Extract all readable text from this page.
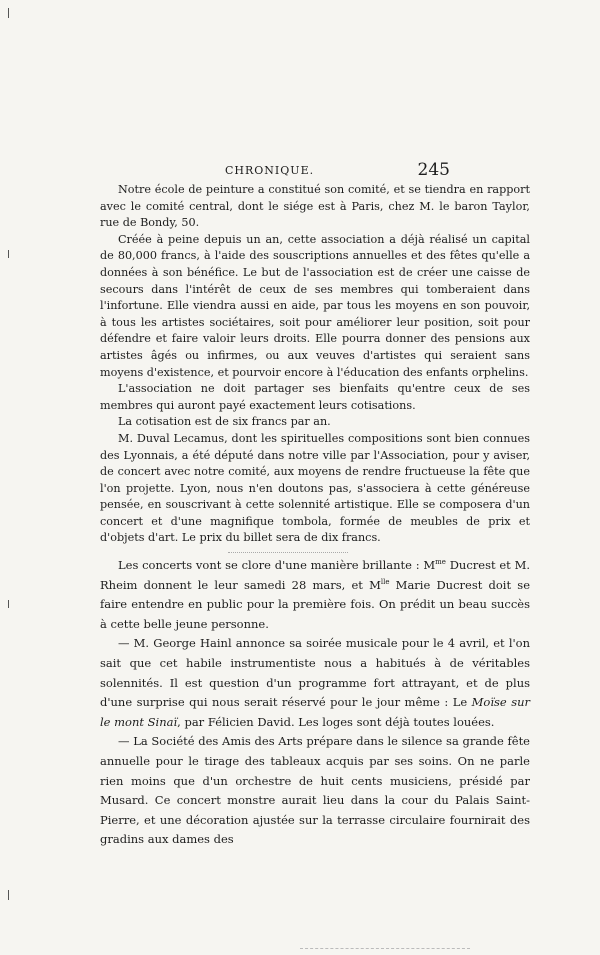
CHRONIQUE.	245

Notre école de peinture a constitué son comité, et se tiendra en rapport avec le comité central, dont le siége est à Paris, chez M. le baron Taylor, rue de Bondy, 50.

Créée à peine depuis un an, cette association a déjà réalisé un capital de 80,000 francs, à l'aide des souscriptions annuelles et des fêtes qu'elle a données à son bénéfice. Le but de l'association est de créer une caisse de secours dans l'intérêt de ceux de ses membres qui tomberaient dans l'infortune. Elle viendra aussi en aide, par tous les moyens en son pouvoir, à tous les artistes sociétaires, soit pour améliorer leur position, soit pour défendre et faire valoir leurs droits. Elle pourra donner des pensions aux artistes âgés ou infirmes, ou aux veuves d'artistes qui seraient sans moyens d'existence, et pourvoir encore à l'éducation des enfants orphelins.

L'association ne doit partager ses bienfaits qu'entre ceux de ses membres qui auront payé exactement leurs cotisations.

La cotisation est de six francs par an.

M. Duval Lecamus, dont les spirituelles compositions sont bien connues des Lyonnais, a été député dans notre ville par l'Association, pour y aviser, de concert avec notre comité, aux moyens de rendre fructueuse la fête que l'on projette. Lyon, nous n'en doutons pas, s'associera à cette généreuse pensée, en souscrivant à cette solennité artistique. Elle se composera d'un concert et d'une magnifique tombola, formée de meubles de prix et d'objets d'art. Le prix du billet sera de dix francs.

Les concerts vont se clore d'une manière brillante : $M^{me}$ Ducrest et M. Rheim donnent le leur samedi 28 mars, et $M^{lle}$ Marie Ducrest doit se faire entendre en public pour la première fois. On prédit un beau succès à cette belle jeune personne.

— M. George Hainl annonce sa soirée musicale pour le 4 avril, et l'on sait que cet habile instrumentiste nous a habitués à de véritables solennités. Il est question d'un programme fort attrayant, et de plus d'une surprise qui nous serait réservé pour le jour même : Le Moïse sur le mont Sinaï, par Félicien David. Les loges sont déjà toutes louées.

— La Société des Amis des Arts prépare dans le silence sa grande fête annuelle pour le tirage des tableaux acquis par ses soins. On ne parle rien moins que d'un orchestre de huit cents musiciens, présidé par Musard. Ce concert monstre aurait lieu dans la cour du Palais Saint-Pierre, et une décoration ajustée sur la terrasse circulaire fournirait des gradins aux dames des
